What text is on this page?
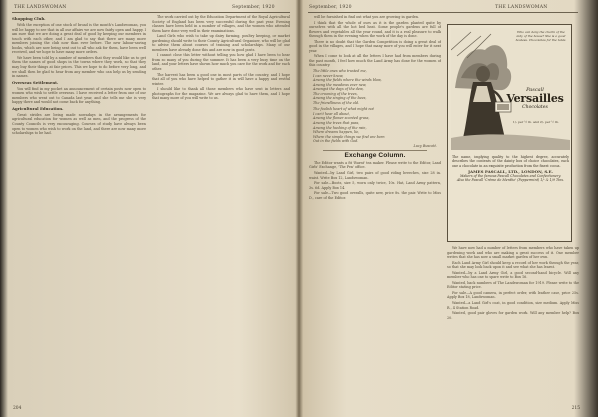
THE LANDSWOMAN	September, 1920
Shopping Club.

With the exception of one stock of broad is the month's Landswoman, you will be happy to see that in all our affairs we are now fairly open and happy. I am sure that we are doing a great deal of good by keeping our members in touch with each other, and I am glad to say that there are many more members joining the club now than ever before. The new labour-saving books, which are now being sent out to all who ask for them, have been well received, and we hope to have many more orders.

We have been told by a number of members that they would like us to get them the names of good shops in the towns where they work, so that they may buy their things at fair prices. This we hope to do before very long, and we shall then be glad to hear from any member who can help us by sending in names.

Overseas Settlement.

You will find in my pocket an announcement of certain posts now open to women who wish to settle overseas. I have received a letter from one of our members who went out to Canada last year, and she tells me she is very happy there and would not come back for anything.

Agricultural Education.

Great strides are being made nowadays in the arrangements for agricultural education for women as well as men, and the progress of the County Councils is very encouraging. Courses of study have always been open to women who wish to work on the land, and there are now many more scholarships to be had.

The work carried out by the Education Department of the Royal Agricultural Society of England has been very successful during the past year. Evening classes have been held in a number of villages, and the women who attended them have done very well in their examinations.

Land Girls who wish to take up dairy farming, poultry keeping, or market gardening should write to their County Agricultural Organiser, who will be glad to advise them about courses of training and scholarships. Many of our members have already done this and are now in good posts.

I cannot close this letter without telling you how glad I have been to hear from so many of you during the summer. It has been a very busy time on the land, and your letters have shown how much you care for the work and for each other.

The harvest has been a good one in most parts of the country, and I hope that all of you who have helped to gather it in will have a happy and restful winter.

I should like to thank all those members who have sent in letters and photographs for the magazine. We are always glad to have them, and I hope that many more of you will write to us.

204
September, 1920	THE LANDSWOMAN

will be furnished in find out what you are growing in garden.

I think that the whole of ours as it is the garden planted quite by ourselves with all the hot bed heat. Some people's gardens are full of flowers and vegetables all the year round, and it is a real pleasure to walk through them in the evening when the work of the day is done.

There is no doubt that the Garden Competition is doing a great deal of good in the villages, and I hope that many more of you will enter for it next year.

When I come to look at all the letters I have had from members during the past month, I feel how much the Land Army has done for the women of this country.

The little ones who trusted me,
I can never know,
Among the fields where the winds blow,
Among the meadows ever new,
Amongst the days of the dew,
The crooning of the trees,
Among the singing of the bees,
The friendliness of the old.
The foolish heart of what might not
I can't hear all about,
Among the flower scented grass,
Among the trees that pass,
Among the hushing of the rain,
Where dreams happen, lie,
Where the simple things we find are born
Out in the fields with God.
Lucy Buscott.
Exchange Column.

The Editor wants a fit 'Burnt' tea maker. Please write to the Editor, Land Girls' Exchange, 'The Pen' office.

Wanted—by Land Girl, two pairs of good riding breeches, size 28 in. waist. Write Box 12, Landswoman.

For sale—Boots, size 5, worn only twice, 10s. Hat, Land Army pattern, 3s. 6d. Apply Box 14.

For sale—Two good overalls, quite new, price 8s. the pair. Write to Miss D., care of the Editor.

Who can deny the charm of the lady of the house? She is a good hostess. Chocolates for the table.
Pascall
Versailles
Chocolates
1/- per ¼ lb. and 2/- per ½ lb.
The name, implying quality to the highest degree, accurately describes the contents of the dainty box of choice chocolates, each one a chocolate in an exquisite production from the finest cocoa.
JAMES PASCALL, LTD., LONDON, S.E.
Makers of the famous Pascall Chocolates and Confectionery.
Also the Pascall 'Crème de Menthe' (Peppermint) 1/- & 1/9 Tins.

We have now had a number of letters from members who have taken up gardening work and who are making a great success of it. One member writes that she has now a small market garden of her own.

Each Land Army Girl should keep a record of her work through the year, so that she may look back upon it and see what she has learnt.

Wanted—by a Land Army Girl, a good second-hand bicycle. Will any member who has one to spare write to Box 16.

Wanted, back numbers of The Landswoman for 1919. Please write to the Editor stating price.

For sale—A good camera, in perfect order, with leather case, price 25s. Apply Box 18, Landswoman.

Wanted—a Land Girl's coat, in good condition, size medium. Apply Miss R., 4 Station Road.

Wanted, good pair gloves for garden work. Will any member help? Box 20.

215
